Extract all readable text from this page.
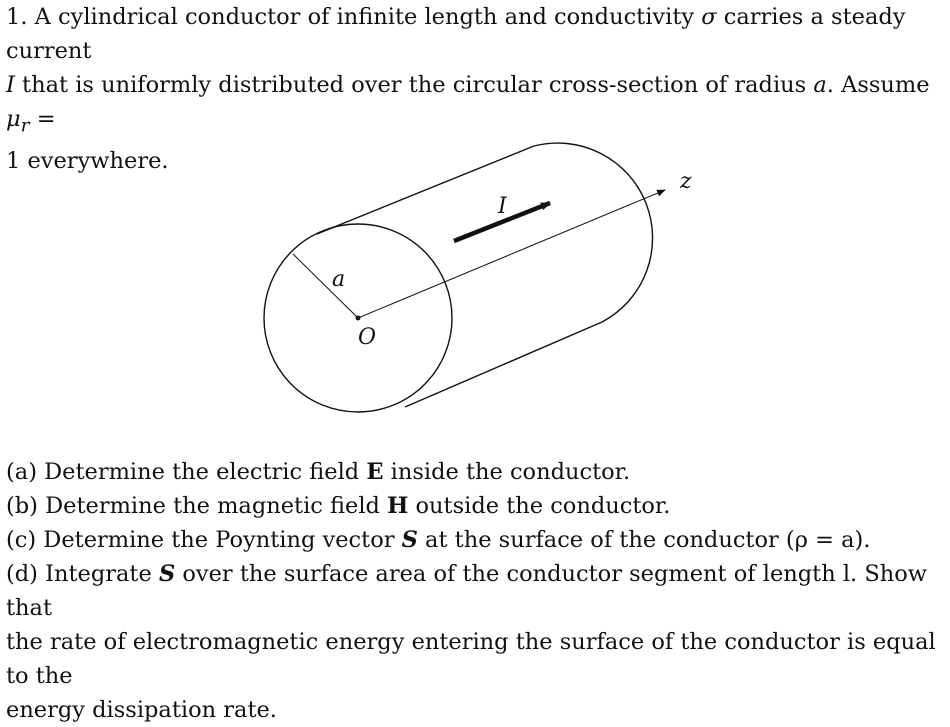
1. A cylindrical conductor of infinite length and conductivity σ carries a steady current
I that is uniformly distributed over the circular cross-section of radius a. Assume $\mu_r$ =
1 everywhere.

I
z
a
O

(a) Determine the electric field E inside the conductor.

(b) Determine the magnetic field H outside the conductor.

(c) Determine the Poynting vector S at the surface of the conductor (ρ = a).

(d) Integrate S over the surface area of the conductor segment of length l. Show that

the rate of electromagnetic energy entering the surface of the conductor is equal to the

energy dissipation rate.
